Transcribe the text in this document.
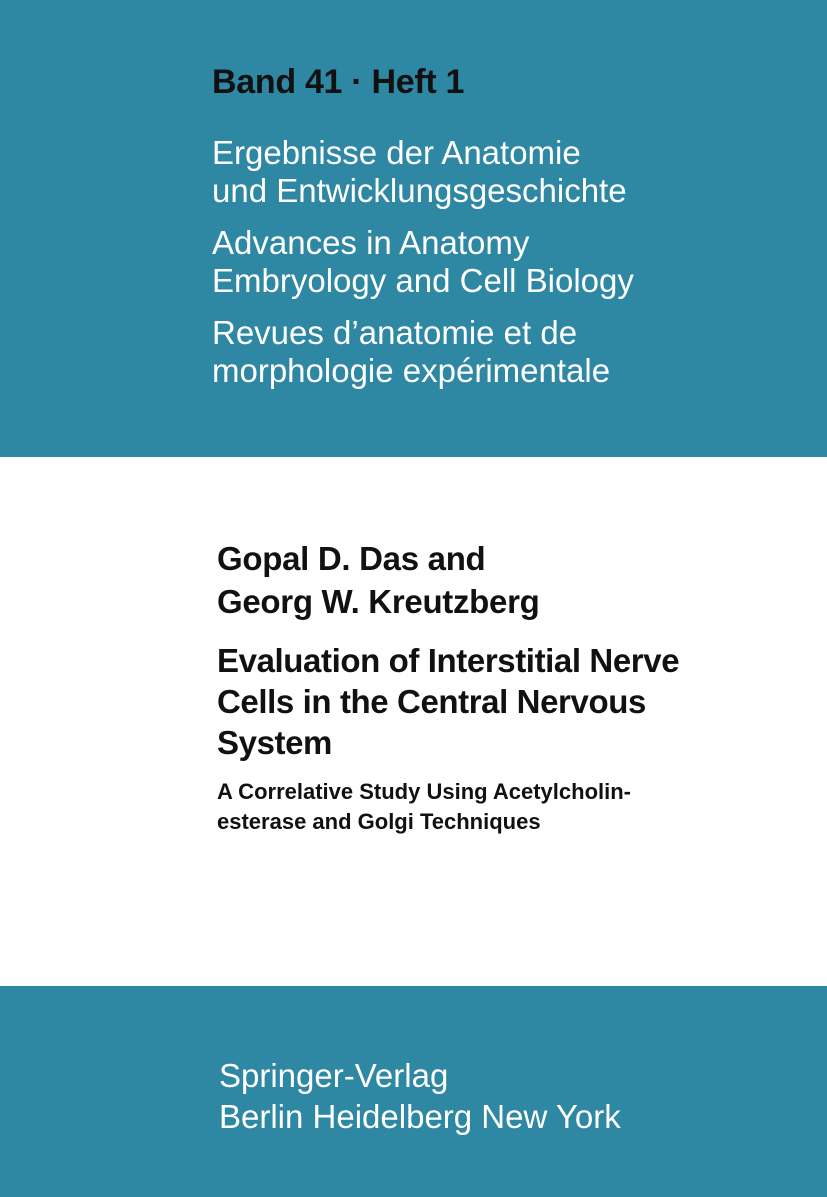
Band 41 · Heft 1
Ergebnisse der Anatomie
und Entwicklungsgeschichte
Advances in Anatomy
Embryology and Cell Biology
Revues d’anatomie et de
morphologie expérimentale
Gopal D. Das and
Georg W. Kreutzberg
Evaluation of Interstitial Nerve
Cells in the Central Nervous
System
A Correlative Study Using Acetylcholin-
esterase and Golgi Techniques
Springer-Verlag
Berlin Heidelberg New York
